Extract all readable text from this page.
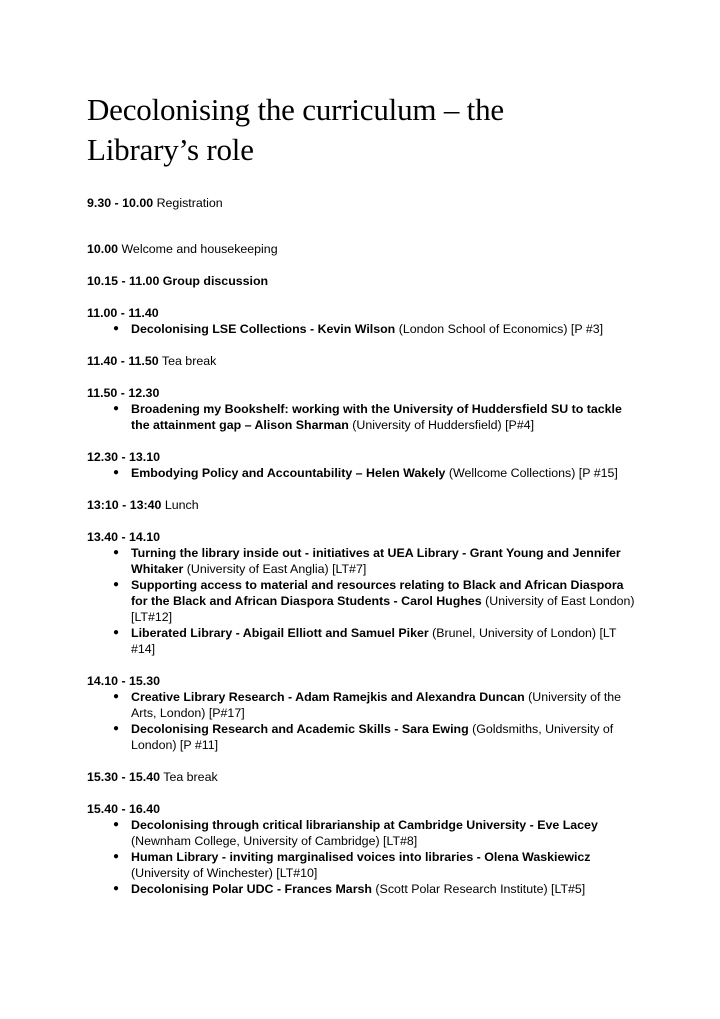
Decolonising the curriculum – the
Library’s role
9.30 - 10.00 Registration
10.00 Welcome and housekeeping
10.15 - 11.00 Group discussion
11.00 - 11.40
● Decolonising LSE Collections - Kevin Wilson (London School of Economics) [P #3]
11.40 - 11.50 Tea break
11.50 - 12.30
● Broadening my Bookshelf: working with the University of Huddersfield SU to tackle the attainment gap – Alison Sharman (University of Huddersfield) [P#4]
12.30 - 13.10
● Embodying Policy and Accountability – Helen Wakely (Wellcome Collections) [P #15]
13:10 - 13:40 Lunch
13.40 - 14.10
● Turning the library inside out - initiatives at UEA Library - Grant Young and Jennifer Whitaker (University of East Anglia) [LT#7]
● Supporting access to material and resources relating to Black and African Diaspora for the Black and African Diaspora Students - Carol Hughes (University of East London) [LT#12]
● Liberated Library - Abigail Elliott and Samuel Piker (Brunel, University of London) [LT #14]
14.10 - 15.30
● Creative Library Research - Adam Ramejkis and Alexandra Duncan (University of the Arts, London) [P#17]
● Decolonising Research and Academic Skills - Sara Ewing (Goldsmiths, University of London) [P #11]
15.30 - 15.40 Tea break
15.40 - 16.40
● Decolonising through critical librarianship at Cambridge University - Eve Lacey (Newnham College, University of Cambridge) [LT#8]
● Human Library - inviting marginalised voices into libraries - Olena Waskiewicz (University of Winchester) [LT#10]
● Decolonising Polar UDC - Frances Marsh (Scott Polar Research Institute) [LT#5]
